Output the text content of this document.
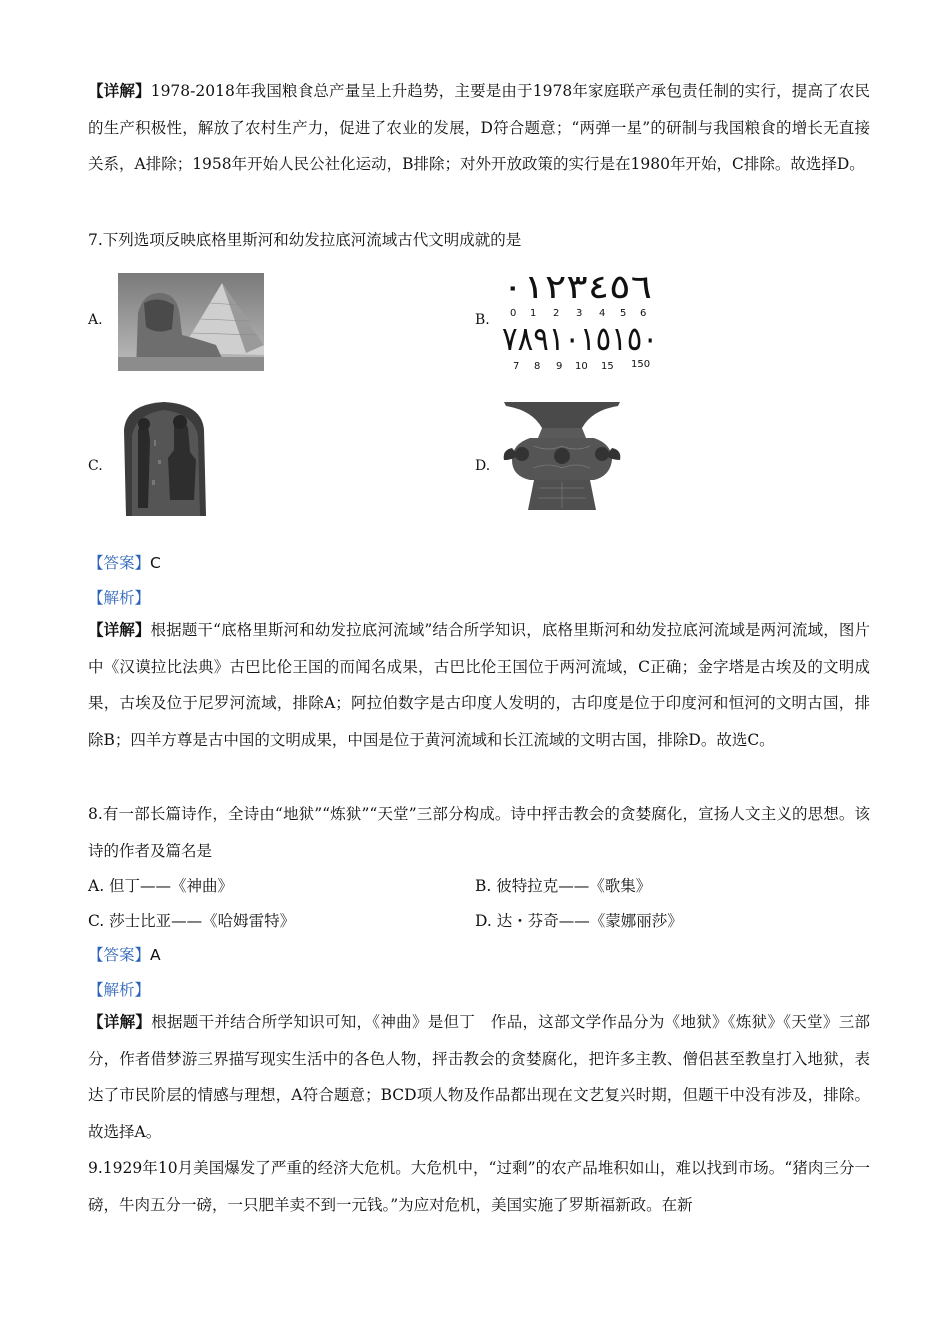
【详解】1978-2018年我国粮食总产量呈上升趋势，主要是由于1978年家庭联产承包责任制的实行，提高了农民的生产积极性，解放了农村生产力，促进了农业的发展，D符合题意；“两弹一星”的研制与我国粮食的增长无直接关系，A排除；1958年开始人民公社化运动，B排除；对外开放政策的实行是在1980年开始，C排除。故选择D。
7.下列选项反映底格里斯河和幼发拉底河流域古代文明成就的是
A.	B.
٠١٢٣٤٥٦
0 1 2 3 4 5 6
٧٨٩١٠١٥١٥٠
7 8 9 10 15 150
C.	D.
【答案】C
【解析】
【详解】根据题干“底格里斯河和幼发拉底河流域”结合所学知识，底格里斯河和幼发拉底河流域是两河流域，图片中《汉谟拉比法典》古巴比伦王国的而闻名成果，古巴比伦王国位于两河流域，C正确；金字塔是古埃及的文明成果，古埃及位于尼罗河流域，排除A；阿拉伯数字是古印度人发明的，古印度是位于印度河和恒河的文明古国，排除B；四羊方尊是古中国的文明成果，中国是位于黄河流域和长江流域的文明古国，排除D。故选C。
8.有一部长篇诗作，全诗由“地狱”“炼狱”“天堂”三部分构成。诗中抨击教会的贪婪腐化，宣扬人文主义的思想。该诗的作者及篇名是
A. 但丁——《神曲》	B. 彼特拉克——《歌集》
C. 莎士比亚——《哈姆雷特》	D. 达・芬奇——《蒙娜丽莎》
【答案】A
【解析】
【详解】根据题干并结合所学知识可知，《神曲》是但丁　作品，这部文学作品分为《地狱》《炼狱》《天堂》三部分，作者借梦游三界描写现实生活中的各色人物，抨击教会的贪婪腐化，把许多主教、僧侣甚至教皇打入地狱，表达了市民阶层的情感与理想，A符合题意；BCD项人物及作品都出现在文艺复兴时期，但题干中没有涉及，排除。故选择A。
9.1929年10月美国爆发了严重的经济大危机。大危机中，“过剩”的农产品堆积如山，难以找到市场。“猪肉三分一磅，牛肉五分一磅，一只肥羊卖不到一元钱。”为应对危机，美国实施了罗斯福新政。在新
